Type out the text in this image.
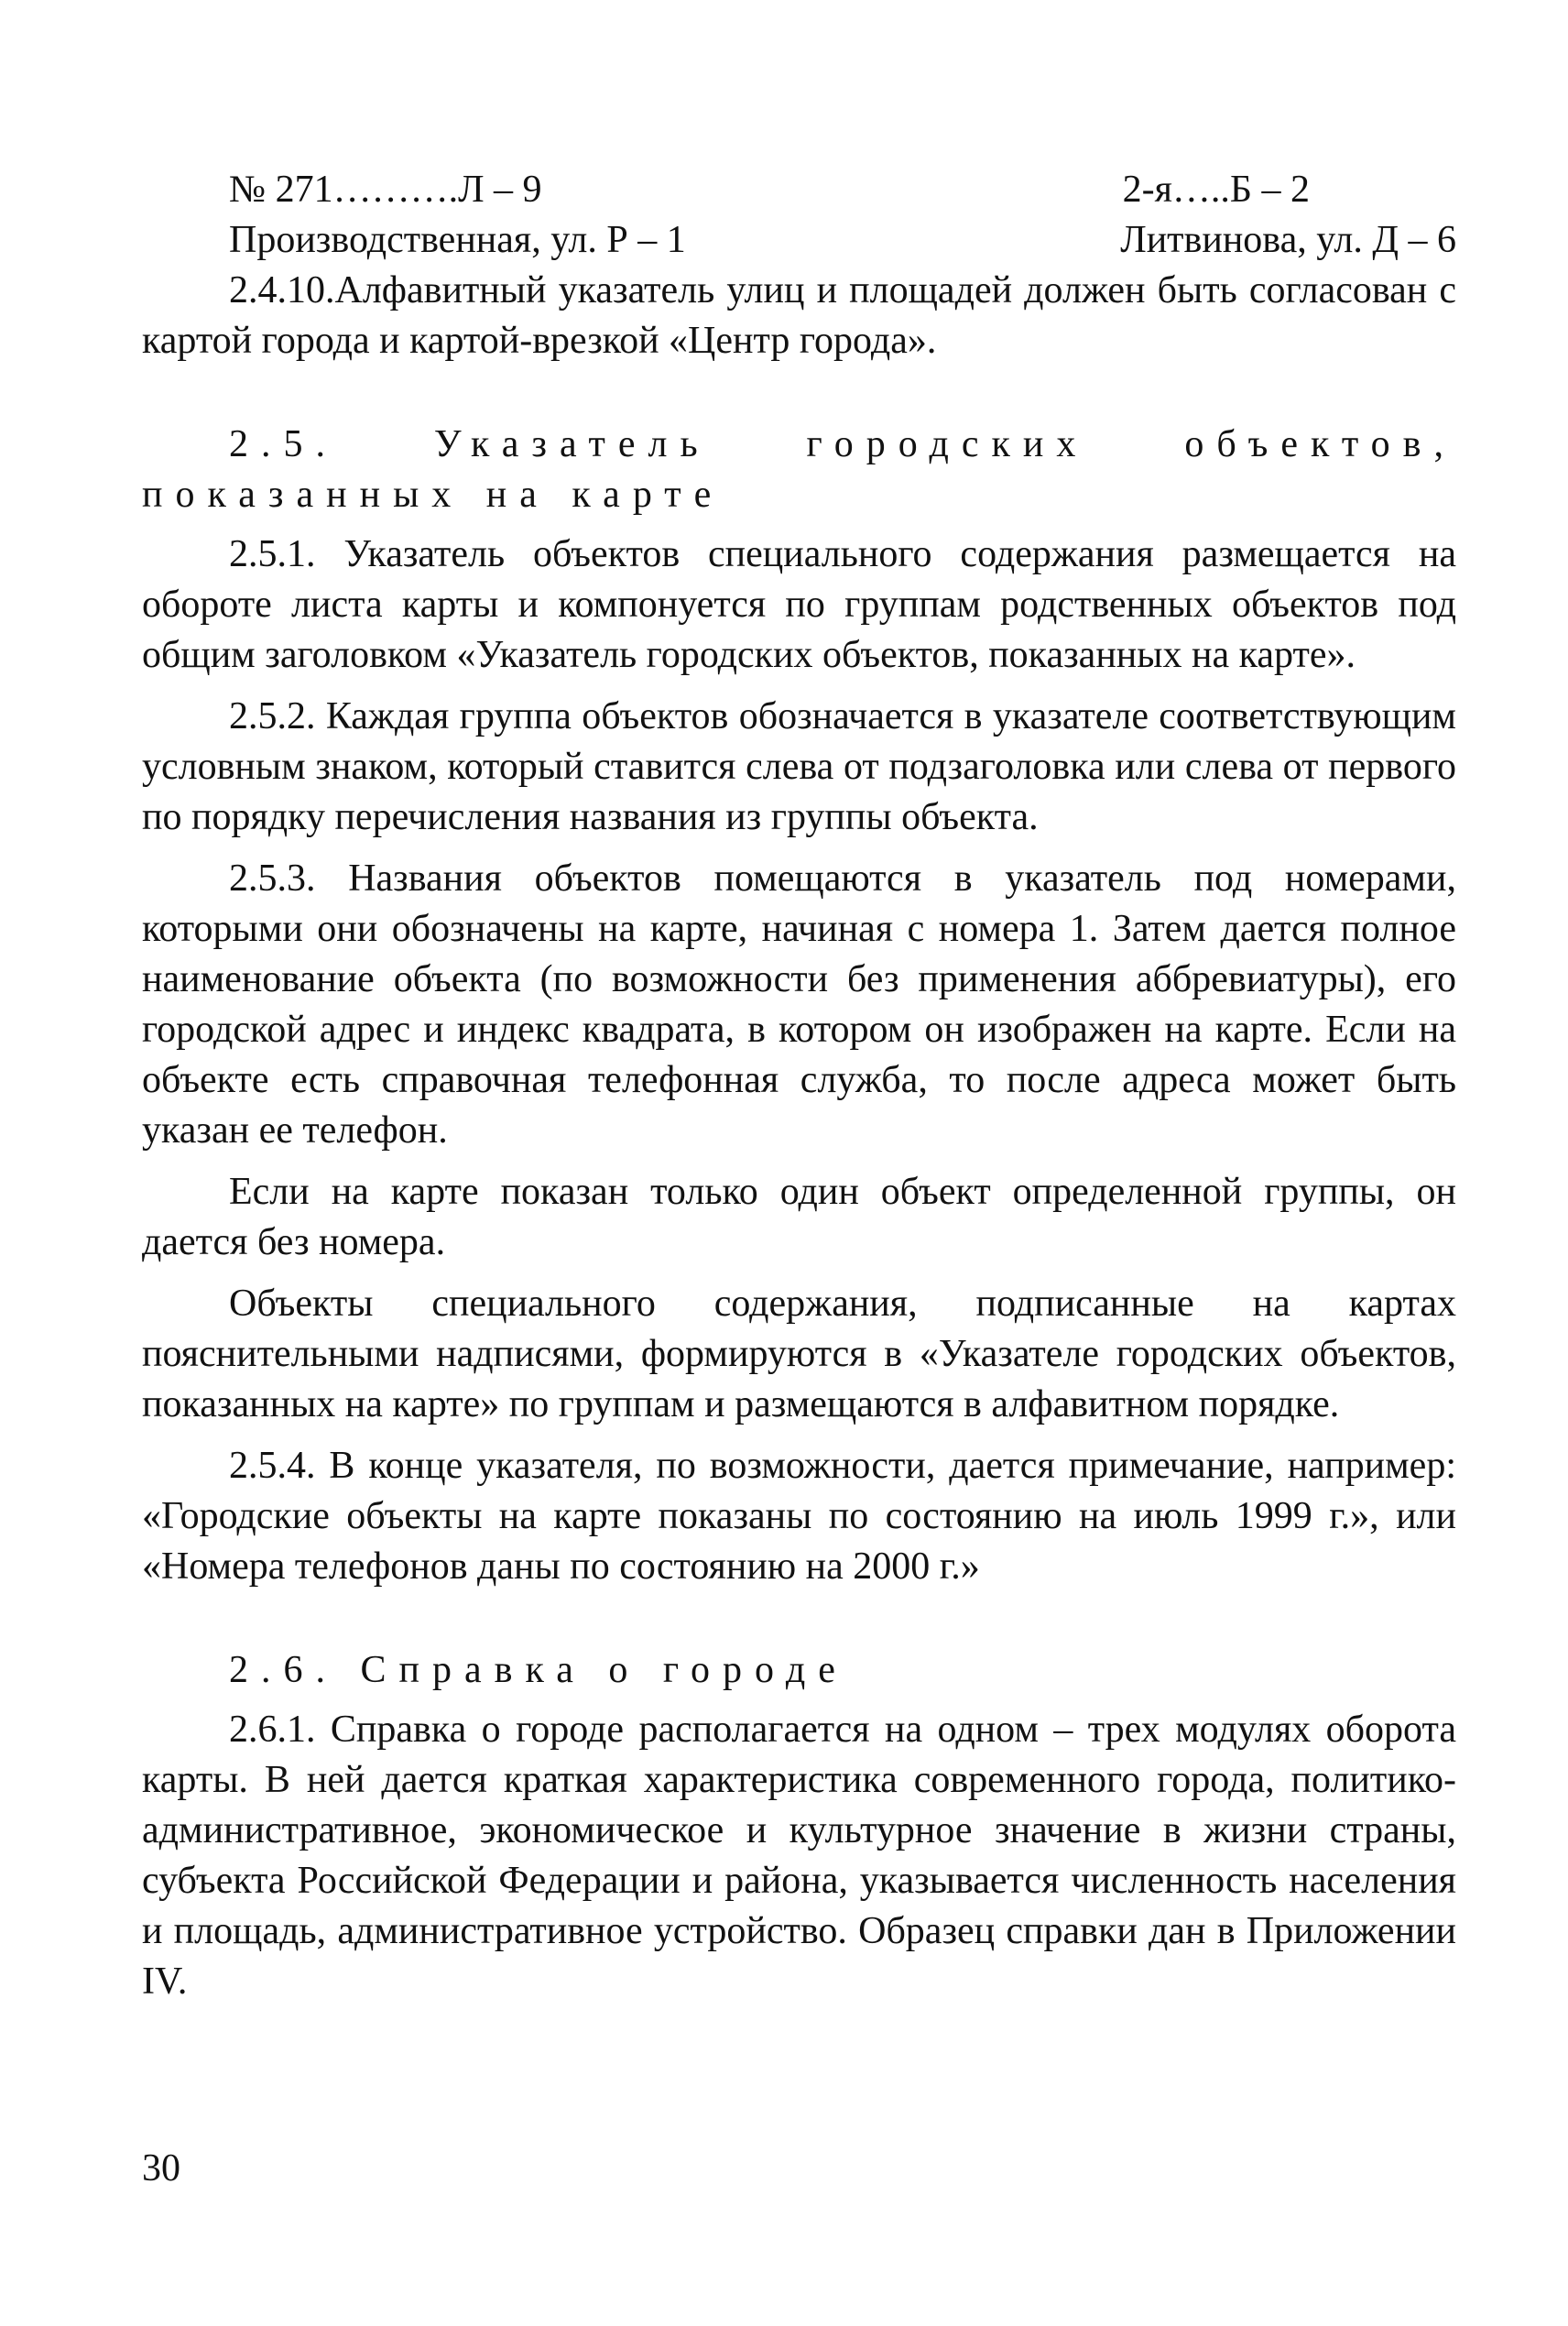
№ 271……….Л – 9	2-я…..Б – 2
Производственная, ул. Р – 1	Литвинова, ул. Д – 6

2.4.10.Алфавитный указатель улиц и площадей должен быть согласован с картой города и картой-врезкой «Центр города».

2.5. Указатель городских объектов, показанных на карте

2.5.1. Указатель объектов специального содержания размещается на обороте листа карты и компонуется по группам родственных объектов под общим заголовком «Указатель городских объектов, показанных на карте».

2.5.2. Каждая группа объектов обозначается в указателе соответствующим условным знаком, который ставится слева от подзаголовка или слева от первого по порядку перечисления названия из группы объекта.

2.5.3. Названия объектов помещаются в указатель под номерами, которыми они обозначены на карте, начиная с номера 1. Затем дается полное наименование объекта (по возможности без применения аббревиатуры), его городской адрес и индекс квадрата, в котором он изображен на карте. Если на объекте есть справочная телефонная служба, то после адреса может быть указан ее телефон.

Если на карте показан только один объект определенной группы, он дается без номера.

Объекты специального содержания, подписанные на картах пояснительными надписями, формируются в «Указателе городских объектов, показанных на карте» по группам и размещаются в алфавитном порядке.

2.5.4. В конце указателя, по возможности, дается примечание, например: «Городские объекты на карте показаны по состоянию на июль 1999 г.», или «Номера телефонов даны по состоянию на 2000 г.»

2.6. Справка о городе

2.6.1. Справка о городе располагается на одном – трех модулях оборота карты. В ней дается краткая характеристика современного города, политико-административное, экономическое и культурное значение в жизни страны, субъекта Российской Федерации и района, указывается численность населения и площадь, административное устройство. Образец справки дан в Приложении IV.

30
